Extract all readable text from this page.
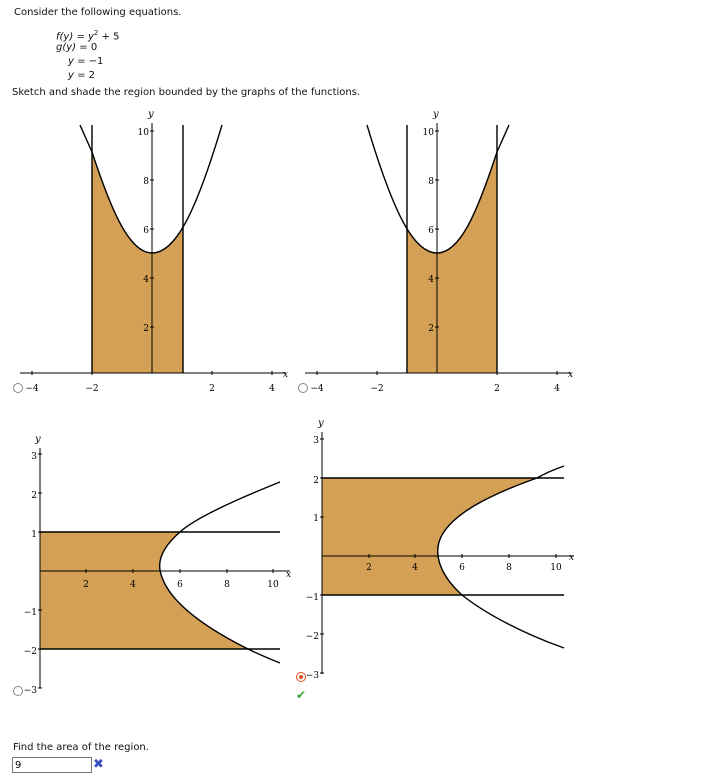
Consider the following equations.
$f(y) = y^2 + 5$
g(y) = 0
y = −1
y = 2
Sketch and shade the region bounded by the graphs of the functions.
x
y
−4	−2	2	4
2
4
6
8
10
x
y
−4	−2	2	4
2
4
6
8
10
x
y
2	4	6	8	10
3
2
1
−1
−2
−3
x
y
2	4	6	8	10
3
2
1
−1
−2
−3
✔
Find the area of the region.
9
✖
